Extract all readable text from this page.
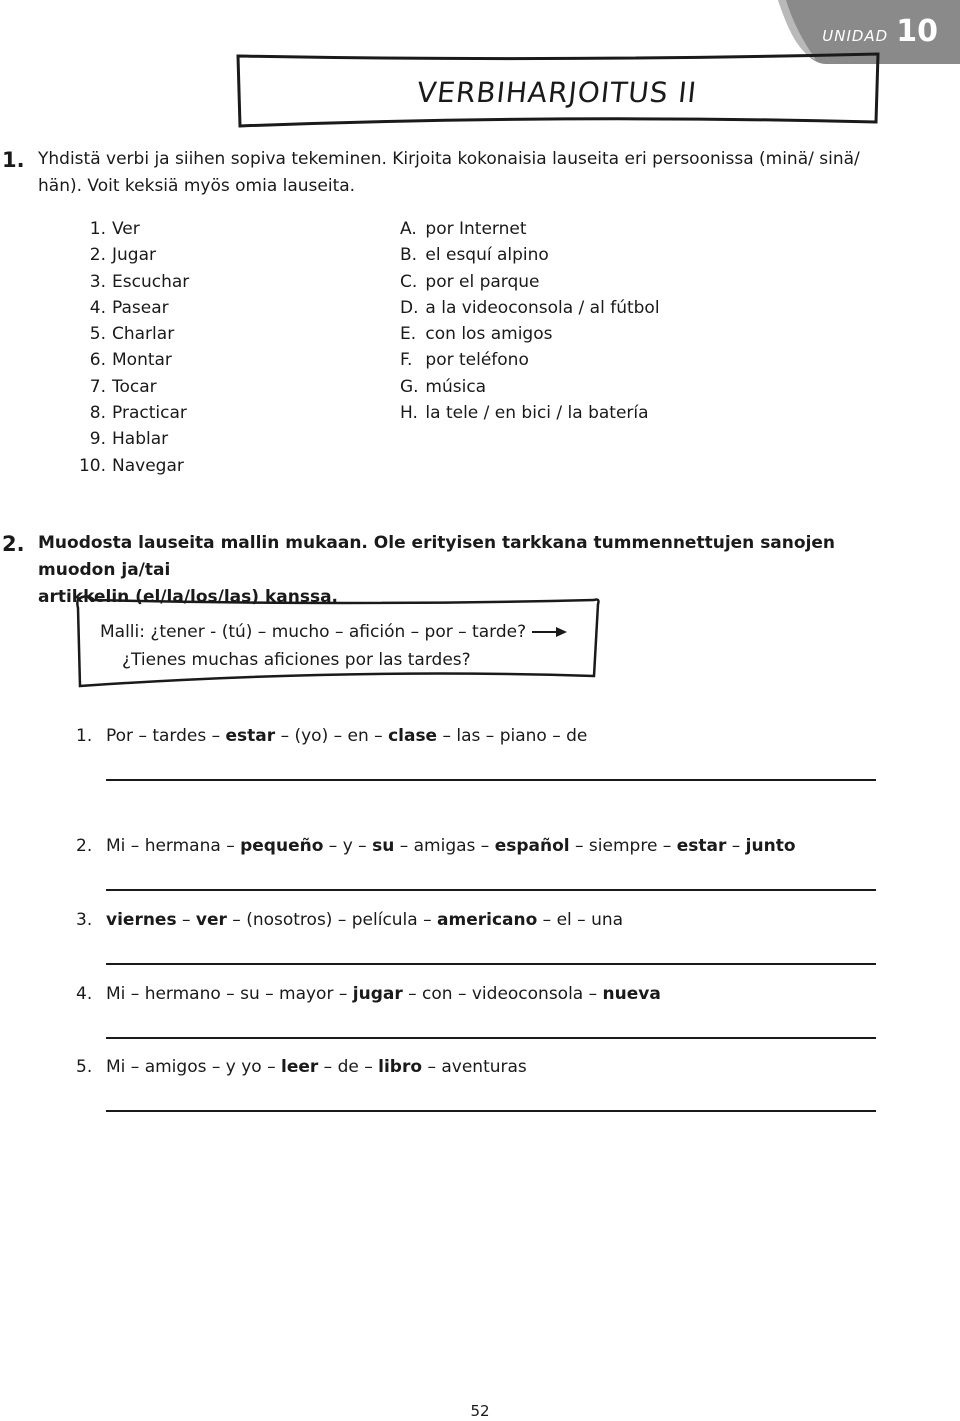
UNIDAD 10
VERBIHARJOITUS II
1. Yhdistä verbi ja siihen sopiva tekeminen. Kirjoita kokonaisia lauseita eri persoonissa (minä/ sinä/
hän). Voit keksiä myös omia lauseita.
1. Ver
2. Jugar
3. Escuchar
4. Pasear
5. Charlar
6. Montar
7. Tocar
8. Practicar
9. Hablar
10. Navegar
A. por Internet
B. el esquí alpino
C. por el parque
D. a la videoconsola / al fútbol
E. con los amigos
F. por teléfono
G. música
H. la tele / en bici / la batería
2. Muodosta lauseita mallin mukaan. Ole erityisen tarkkana tummennettujen sanojen muodon ja/tai
artikkelin (el/la/los/las) kanssa.
Malli: ¿tener - (tú) – mucho – afición – por – tarde?
¿Tienes muchas aficiones por las tardes?
1. Por – tardes – estar – (yo) – en – clase – las – piano – de
2. Mi – hermana – pequeño – y – su – amigas – español – siempre – estar – junto
3. viernes – ver – (nosotros) – película – americano – el – una
4. Mi – hermano – su – mayor – jugar – con – videoconsola – nueva
5. Mi – amigos – y yo – leer – de – libro – aventuras
52
